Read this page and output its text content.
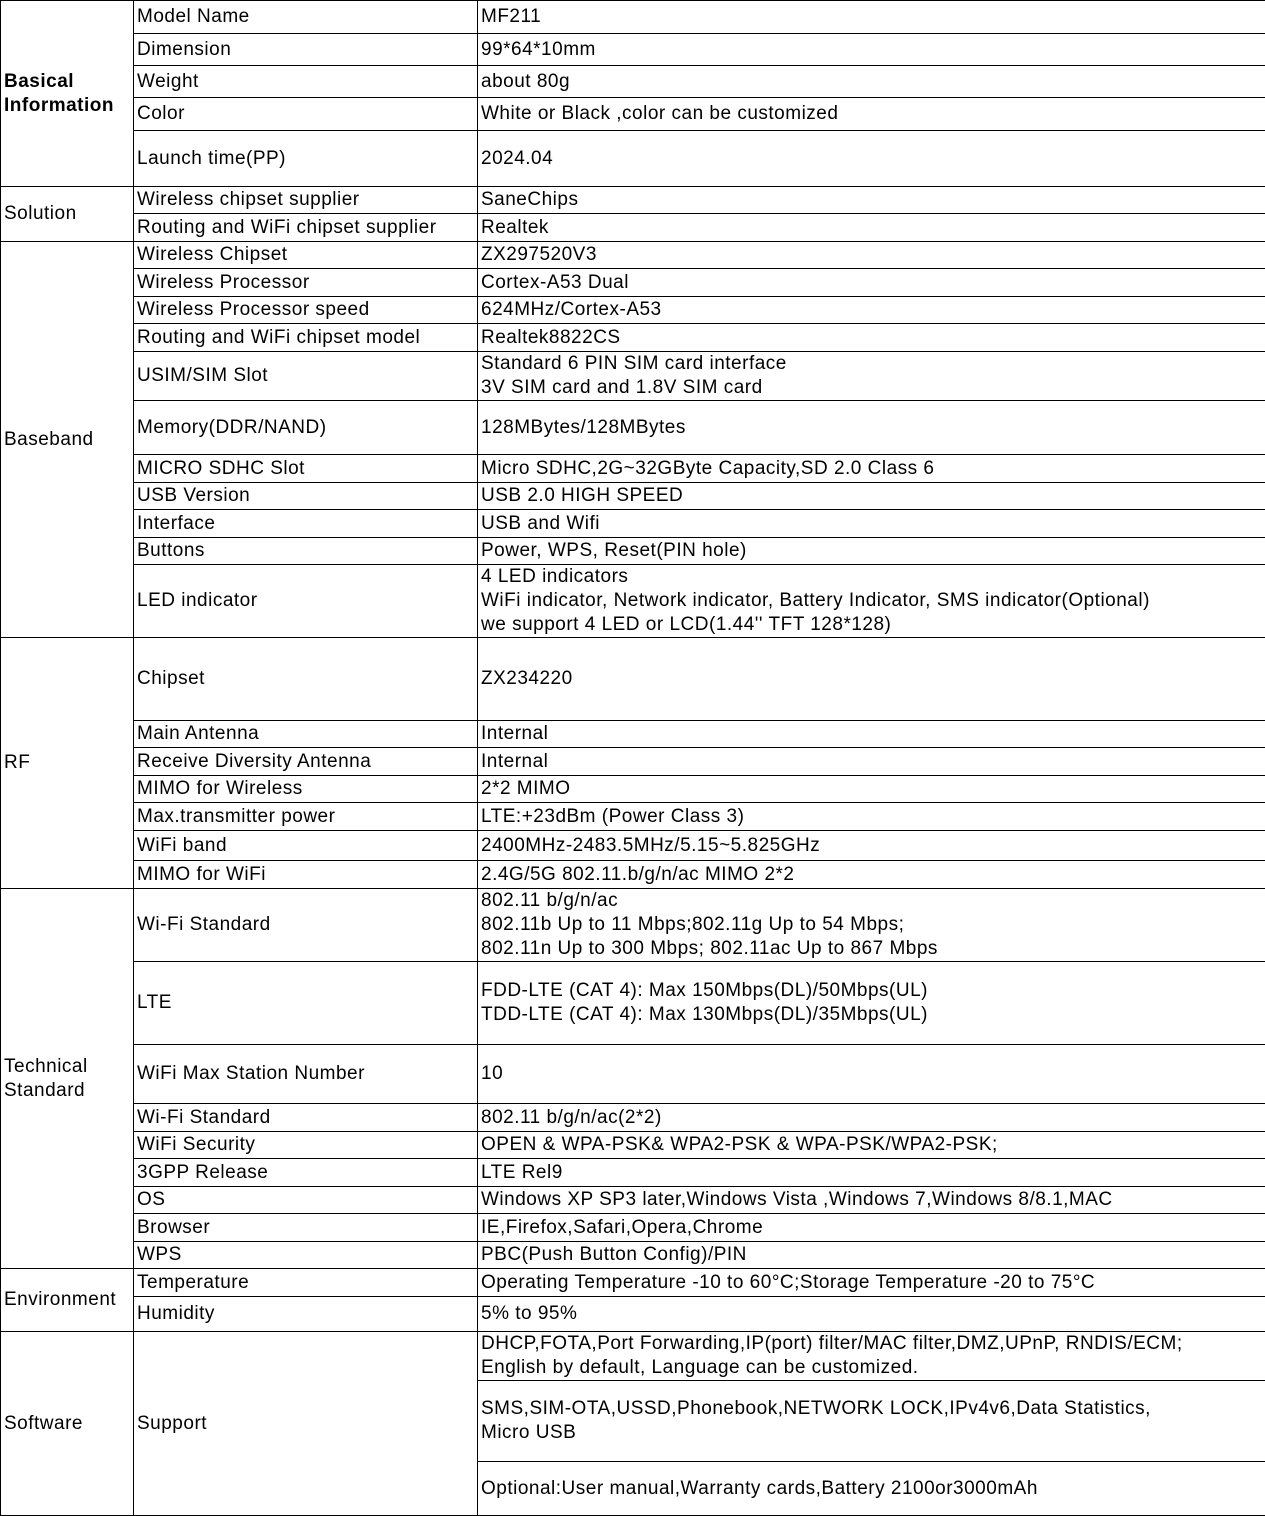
Basical
Information	Model Name	MF211
	Dimension	99*64*10mm
	Weight	about 80g
	Color	White or Black ,color can be customized
	Launch time(PP)	2024.04
Solution	Wireless chipset supplier	SaneChips
	Routing and WiFi chipset supplier	Realtek
Baseband	Wireless Chipset	ZX297520V3
	Wireless Processor	Cortex-A53 Dual
	Wireless Processor speed	624MHz/Cortex-A53
	Routing and WiFi chipset model	Realtek8822CS
	USIM/SIM Slot	Standard 6 PIN SIM card interface
3V SIM card and 1.8V SIM card
	Memory(DDR/NAND)	128MBytes/128MBytes
	MICRO SDHC Slot	Micro SDHC,2G~32GByte Capacity,SD 2.0 Class 6
	USB Version	USB 2.0 HIGH SPEED
	Interface	USB and Wifi
	Buttons	Power, WPS, Reset(PIN hole)
	LED indicator	4 LED indicators
WiFi indicator, Network indicator, Battery Indicator, SMS indicator(Optional)
we support 4 LED or LCD(1.44'' TFT 128*128)
RF	Chipset	ZX234220
	Main Antenna	Internal
	Receive Diversity Antenna	Internal
	MIMO for Wireless	2*2 MIMO
	Max.transmitter power	LTE:+23dBm (Power Class 3)
	WiFi band	2400MHz-2483.5MHz/5.15~5.825GHz
	MIMO for WiFi	2.4G/5G 802.11.b/g/n/ac MIMO 2*2
Technical
Standard	Wi-Fi Standard	802.11 b/g/n/ac
802.11b Up to 11 Mbps;802.11g Up to 54 Mbps;
802.11n Up to 300 Mbps; 802.11ac Up to 867 Mbps
	LTE	FDD-LTE (CAT 4): Max 150Mbps(DL)/50Mbps(UL)
TDD-LTE (CAT 4): Max 130Mbps(DL)/35Mbps(UL)
	WiFi Max Station Number	10
	Wi-Fi Standard	802.11 b/g/n/ac(2*2)
	WiFi Security	OPEN & WPA-PSK& WPA2-PSK & WPA-PSK/WPA2-PSK;
	3GPP Release	LTE Rel9
	OS	Windows XP SP3 later,Windows Vista ,Windows 7,Windows 8/8.1,MAC
	Browser	IE,Firefox,Safari,Opera,Chrome
	WPS	PBC(Push Button Config)/PIN
Environment	Temperature	Operating Temperature -10 to 60°C;Storage Temperature -20 to 75°C
	Humidity	5% to 95%
Software	Support	DHCP,FOTA,Port Forwarding,IP(port) filter/MAC filter,DMZ,UPnP, RNDIS/ECM;
English by default, Language can be customized.
		SMS,SIM-OTA,USSD,Phonebook,NETWORK LOCK,IPv4v6,Data Statistics,
Micro USB
		Optional:User manual,Warranty cards,Battery 2100or3000mAh
